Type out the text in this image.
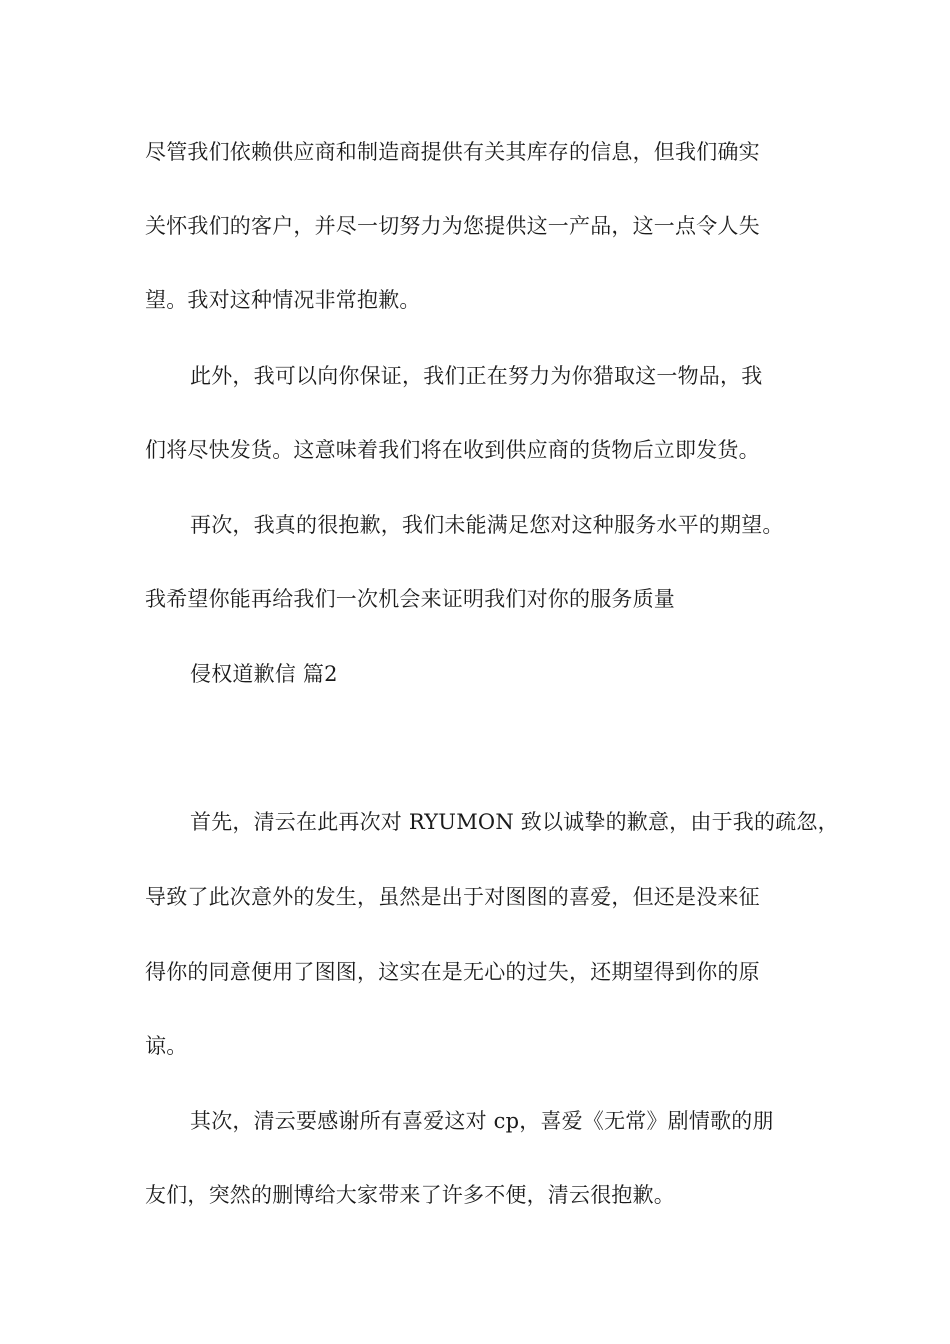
尽管我们依赖供应商和制造商提供有关其库存的信息，但我们确实

关怀我们的客户，并尽一切努力为您提供这一产品，这一点令人失

望。我对这种情况非常抱歉。

此外，我可以向你保证，我们正在努力为你猎取这一物品，我

们将尽快发货。这意味着我们将在收到供应商的货物后立即发货。

再次，我真的很抱歉，我们未能满足您对这种服务水平的期望。

我希望你能再给我们一次机会来证明我们对你的服务质量

侵权道歉信 篇2

首先，清云在此再次对 RYUMON 致以诚挚的歉意，由于我的疏忽，

导致了此次意外的发生，虽然是出于对图图的喜爱，但还是没来征

得你的同意便用了图图，这实在是无心的过失，还期望得到你的原

谅。

其次，清云要感谢所有喜爱这对 cp，喜爱《无常》剧情歌的朋

友们，突然的删博给大家带来了许多不便，清云很抱歉。
